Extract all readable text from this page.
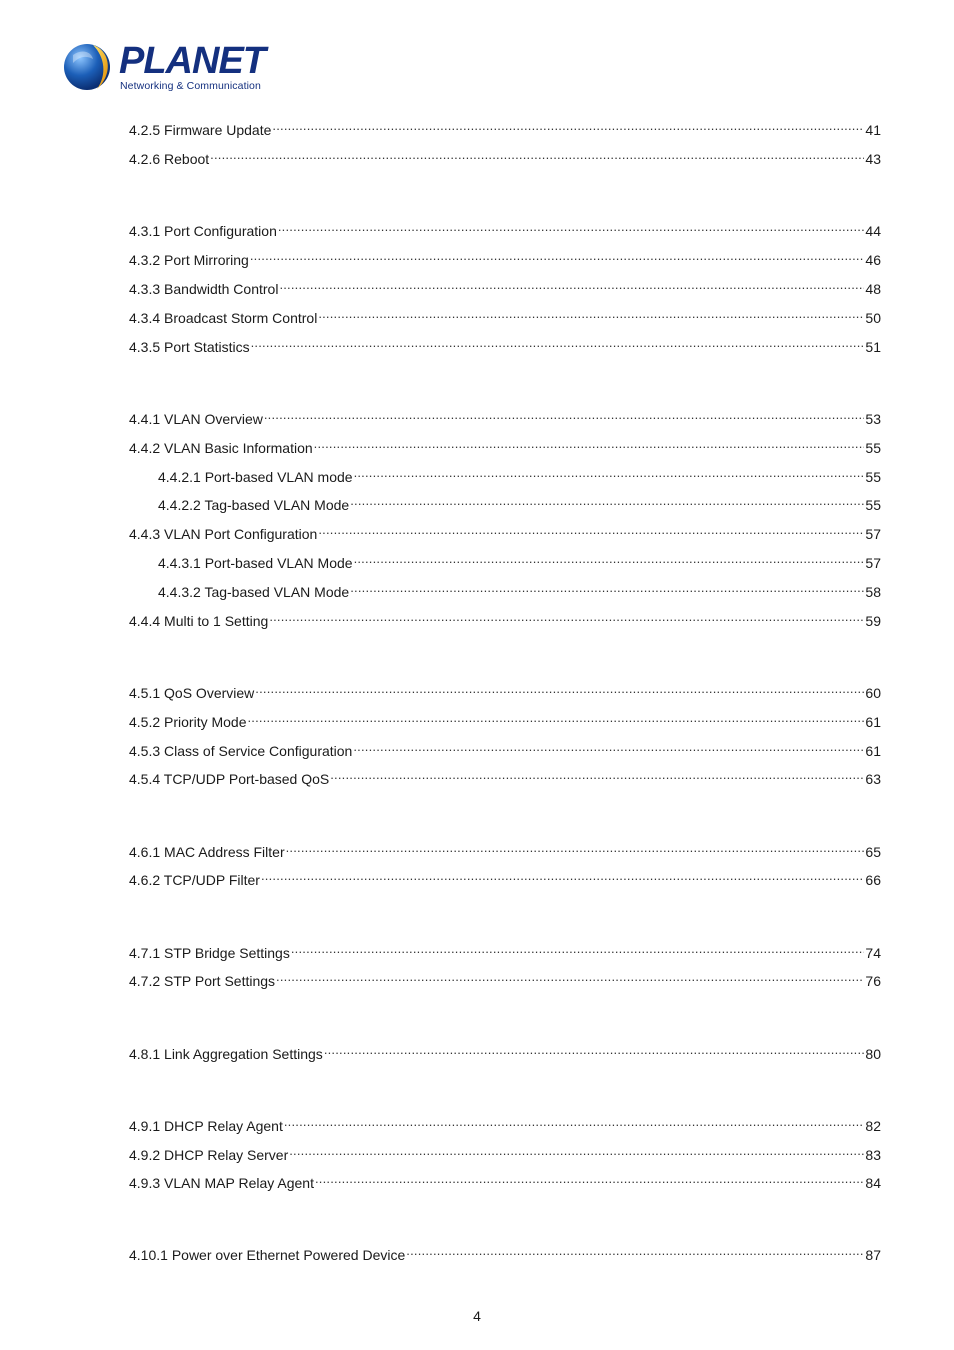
PLANET
Networking & Communication
4.2.5 Firmware Update .....	41
4.2.6 Reboot .....	43
4.3.1 Port Configuration .....	44
4.3.2 Port Mirroring .....	46
4.3.3 Bandwidth Control .....	48
4.3.4 Broadcast Storm Control .....	50
4.3.5 Port Statistics .....	51
4.4.1 VLAN Overview .....	53
4.4.2 VLAN Basic Information .....	55
4.4.2.1 Port-based VLAN mode .....	55
4.4.2.2 Tag-based VLAN Mode .....	55
4.4.3 VLAN Port Configuration .....	57
4.4.3.1 Port-based VLAN Mode .....	57
4.4.3.2 Tag-based VLAN Mode .....	58
4.4.4 Multi to 1 Setting .....	59
4.5.1 QoS Overview .....	60
4.5.2 Priority Mode .....	61
4.5.3 Class of Service Configuration .....	61
4.5.4 TCP/UDP Port-based QoS .....	63
4.6.1 MAC Address Filter .....	65
4.6.2 TCP/UDP Filter .....	66
4.7.1 STP Bridge Settings .....	74
4.7.2 STP Port Settings .....	76
4.8.1 Link Aggregation Settings .....	80
4.9.1 DHCP Relay Agent .....	82
4.9.2 DHCP Relay Server .....	83
4.9.3 VLAN MAP Relay Agent .....	84
4.10.1 Power over Ethernet Powered Device .....	87
4
